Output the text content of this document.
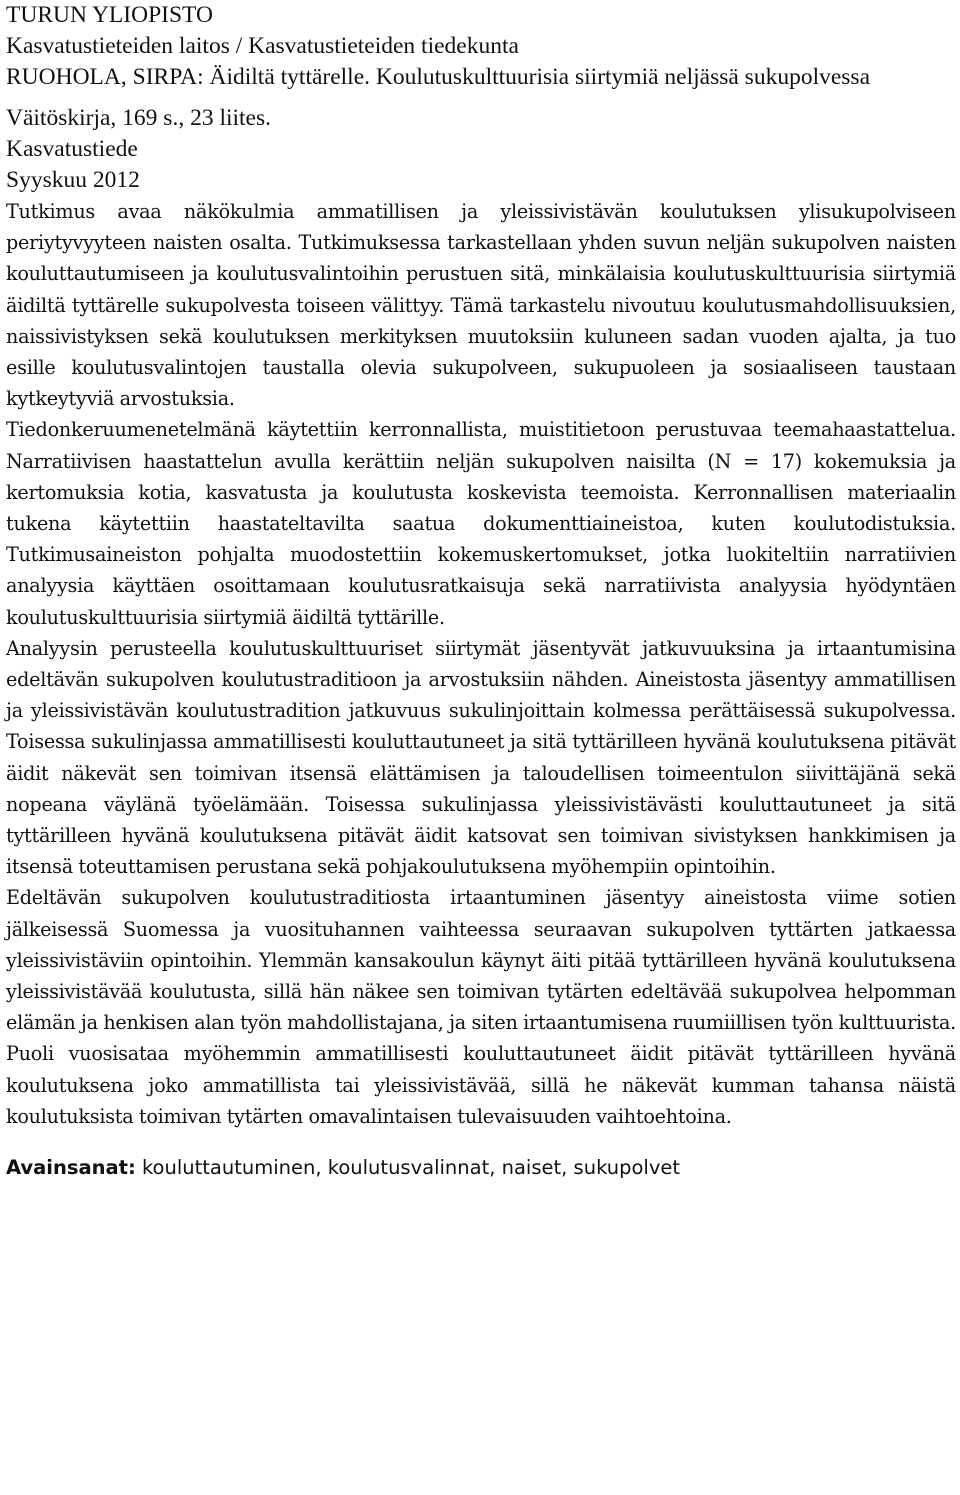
TURUN YLIOPISTO
Kasvatustieteiden laitos / Kasvatustieteiden tiedekunta
RUOHOLA, SIRPA: Äidiltä tyttärelle. Koulutuskulttuurisia siirtymiä neljässä sukupolvessa
Väitöskirja, 169 s., 23 liites.
Kasvatustiede
Syyskuu 2012

Tutkimus avaa näkökulmia ammatillisen ja yleissivistävän koulutuksen ylisukupolviseen periytyvyyteen naisten osalta. Tutkimuksessa tarkastellaan yhden suvun neljän sukupolven naisten kouluttautumiseen ja koulutusvalintoihin perustuen sitä, minkälaisia koulutuskulttuurisia siirtymiä äidiltä tyttärelle sukupolvesta toiseen välittyy. Tämä tarkastelu nivoutuu koulutusmahdollisuuksien, naissivistyksen sekä koulutuksen merkityksen muutoksiin kuluneen sadan vuoden ajalta, ja tuo esille koulutusvalintojen taustalla olevia sukupolveen, sukupuoleen ja sosiaaliseen taustaan kytkeytyviä arvostuksia.

Tiedonkeruumenetelmänä käytettiin kerronnallista, muistitietoon perustuvaa teemahaastattelua. Narratiivisen haastattelun avulla kerättiin neljän sukupolven naisilta (N = 17) kokemuksia ja kertomuksia kotia, kasvatusta ja koulutusta koskevista teemoista. Kerronnallisen materiaalin tukena käytettiin haastateltavilta saatua dokumenttiaineistoa, kuten koulutodistuksia. Tutkimusaineiston pohjalta muodostettiin kokemuskertomukset, jotka luokiteltiin narratiivien analyysia käyttäen osoittamaan koulutusratkaisuja sekä narratiivista analyysia hyödyntäen koulutuskulttuurisia siirtymiä äidiltä tyttärille.

Analyysin perusteella koulutuskulttuuriset siirtymät jäsentyvät jatkuvuuksina ja irtaantumisina edeltävän sukupolven koulutustraditioon ja arvostuksiin nähden. Aineistosta jäsentyy ammatillisen ja yleissivistävän koulutustradition jatkuvuus sukulinjoittain kolmessa perättäisessä sukupolvessa. Toisessa sukulinjassa ammatillisesti kouluttautuneet ja sitä tyttärilleen hyvänä koulutuksena pitävät äidit näkevät sen toimivan itsensä elättämisen ja taloudellisen toimeentulon siivittäjänä sekä nopeana väylänä työelämään. Toisessa sukulinjassa yleissivistävästi kouluttautuneet ja sitä tyttärilleen hyvänä koulutuksena pitävät äidit katsovat sen toimivan sivistyksen hankkimisen ja itsensä toteuttamisen perustana sekä pohjakoulutuksena myöhempiin opintoihin.

Edeltävän sukupolven koulutustraditiosta irtaantuminen jäsentyy aineistosta viime sotien jälkeisessä Suomessa ja vuosituhannen vaihteessa seuraavan sukupolven tyttärten jatkaessa yleissivistäviin opintoihin. Ylemmän kansakoulun käynyt äiti pitää tyttärilleen hyvänä koulutuksena yleissivistävää koulutusta, sillä hän näkee sen toimivan tytärten edeltävää sukupolvea helpomman elämän ja henkisen alan työn mahdollistajana, ja siten irtaantumisena ruumiillisen työn kulttuurista. Puoli vuosisataa myöhemmin ammatillisesti kouluttautuneet äidit pitävät tyttärilleen hyvänä koulutuksena joko ammatillista tai yleissivistävää, sillä he näkevät kumman tahansa näistä koulutuksista toimivan tytärten omavalintaisen tulevaisuuden vaihtoehtoina.

Avainsanat: kouluttautuminen, koulutusvalinnat, naiset, sukupolvet
